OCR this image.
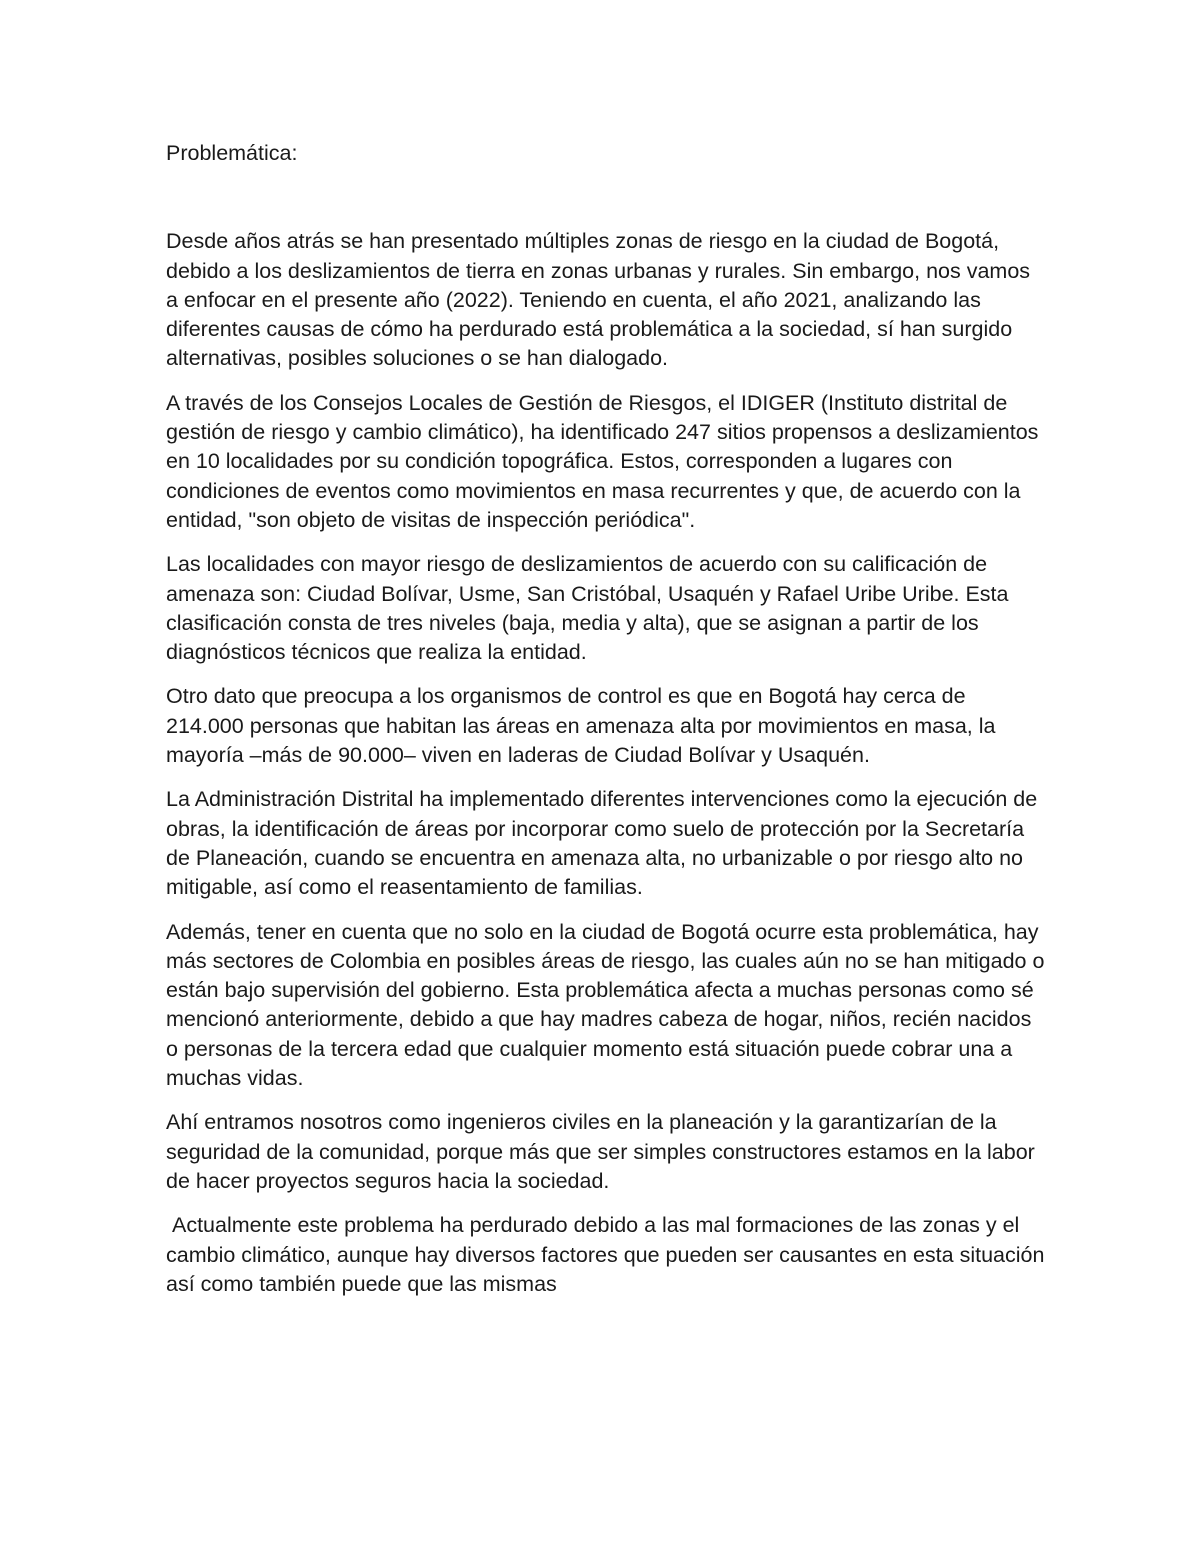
Problemática:

Desde años atrás se han presentado múltiples zonas de riesgo en la ciudad de Bogotá, debido a los deslizamientos de tierra en zonas urbanas y rurales. Sin embargo, nos vamos a enfocar en el presente año (2022). Teniendo en cuenta, el año 2021, analizando las diferentes causas de cómo ha perdurado está problemática a la sociedad, sí han surgido alternativas, posibles soluciones o se han dialogado.

A través de los Consejos Locales de Gestión de Riesgos, el IDIGER (Instituto distrital de gestión de riesgo y cambio climático), ha identificado 247 sitios propensos a deslizamientos en 10 localidades por su condición topográfica. Estos, corresponden a lugares con condiciones de eventos como movimientos en masa recurrentes y que, de acuerdo con la entidad, "son objeto de visitas de inspección periódica".

Las localidades con mayor riesgo de deslizamientos de acuerdo con su calificación de amenaza son: Ciudad Bolívar, Usme, San Cristóbal, Usaquén y Rafael Uribe Uribe. Esta clasificación consta de tres niveles (baja, media y alta), que se asignan a partir de los diagnósticos técnicos que realiza la entidad.

Otro dato que preocupa a los organismos de control es que en Bogotá hay cerca de 214.000 personas que habitan las áreas en amenaza alta por movimientos en masa, la mayoría –más de 90.000– viven en laderas de Ciudad Bolívar y Usaquén.

La Administración Distrital ha implementado diferentes intervenciones como la ejecución de obras, la identificación de áreas por incorporar como suelo de protección por la Secretaría de Planeación, cuando se encuentra en amenaza alta, no urbanizable o por riesgo alto no mitigable, así como el reasentamiento de familias.

Además, tener en cuenta que no solo en la ciudad de Bogotá ocurre esta problemática, hay más sectores de Colombia en posibles áreas de riesgo, las cuales aún no se han mitigado o están bajo supervisión del gobierno. Esta problemática afecta a muchas personas como sé mencionó anteriormente, debido a que hay madres cabeza de hogar, niños, recién nacidos o personas de la tercera edad que cualquier momento está situación puede cobrar una a muchas vidas.

Ahí entramos nosotros como ingenieros civiles en la planeación y la garantizarían de la seguridad de la comunidad, porque más que ser simples constructores estamos en la labor de hacer proyectos seguros hacia la sociedad.

Actualmente este problema ha perdurado debido a las mal formaciones de las zonas y el cambio climático, aunque hay diversos factores que pueden ser causantes en esta situación así como también puede que las mismas
